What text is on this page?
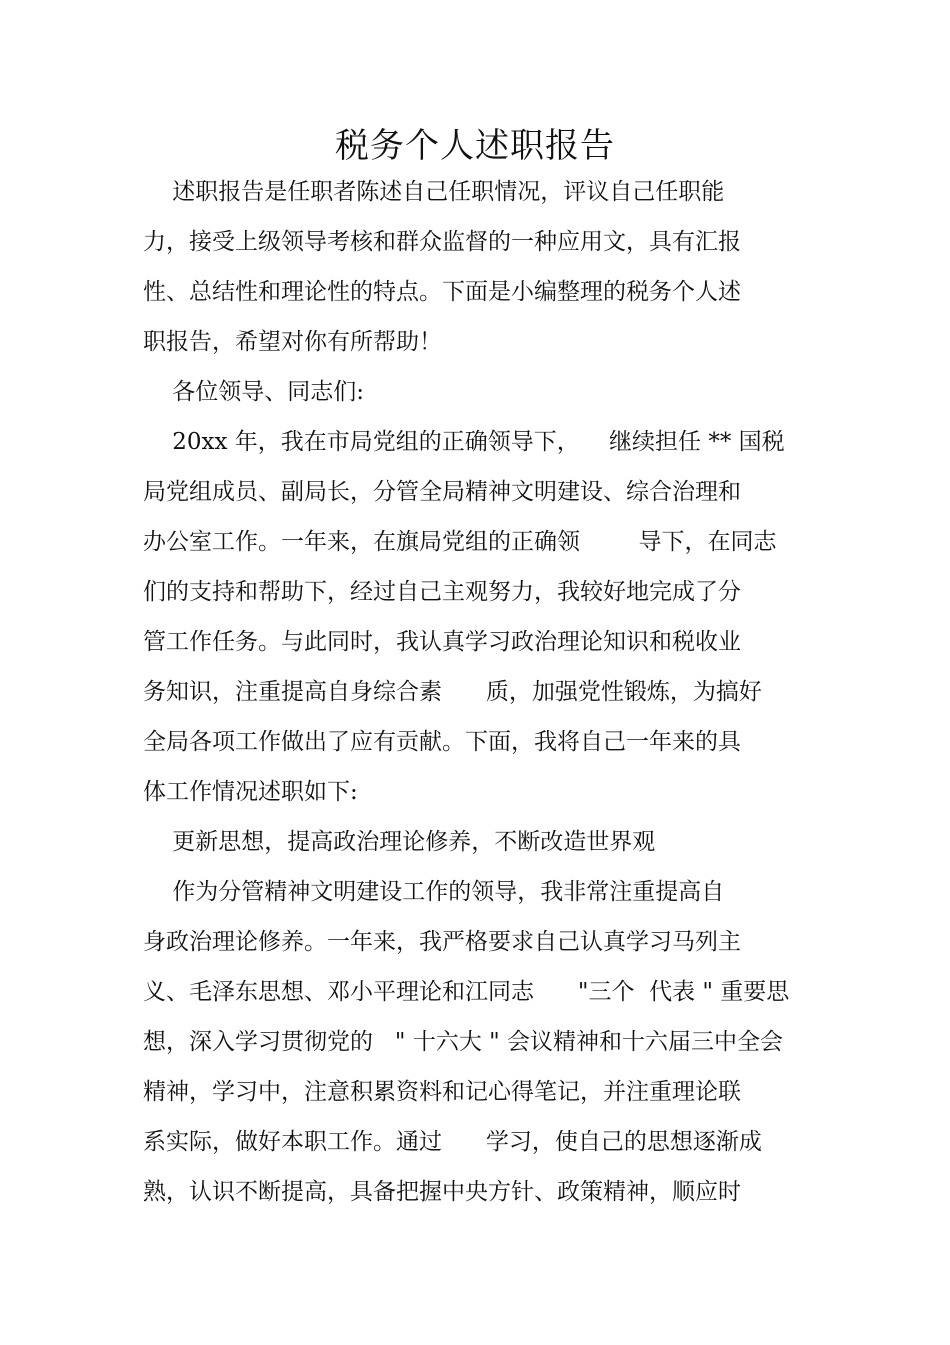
税务个人述职报告
述职报告是任职者陈述自己任职情况，评议自己任职能
力，接受上级领导考核和群众监督的一种应用文，具有汇报
性、总结性和理论性的特点。下面是小编整理的税务个人述
职报告，希望对你有所帮助！
各位领导、同志们:
20xx 年，我在市局党组的正确领导下，    继续担任 ** 国税
局党组成员、副局长，分管全局精神文明建设、综合治理和
办公室工作。一年来，在旗局党组的正确领        导下，在同志
们的支持和帮助下，经过自己主观努力，我较好地完成了分
管工作任务。与此同时，我认真学习政治理论知识和税收业
务知识，注重提高自身综合素      质，加强党性锻炼，为搞好
全局各项工作做出了应有贡献。下面，我将自己一年来的具
体工作情况述职如下:
更新思想，提高政治理论修养，不断改造世界观
作为分管精神文明建设工作的领导，我非常注重提高自
身政治理论修养。一年来，我严格要求自己认真学习马列主
义、毛泽东思想、邓小平理论和江同志      "三个  代表 " 重要思
想，深入学习贯彻党的   " 十六大 " 会议精神和十六届三中全会
精神，学习中，注意积累资料和记心得笔记，并注重理论联
系实际，做好本职工作。通过      学习，使自己的思想逐渐成
熟，认识不断提高，具备把握中央方针、政策精神，顺应时
